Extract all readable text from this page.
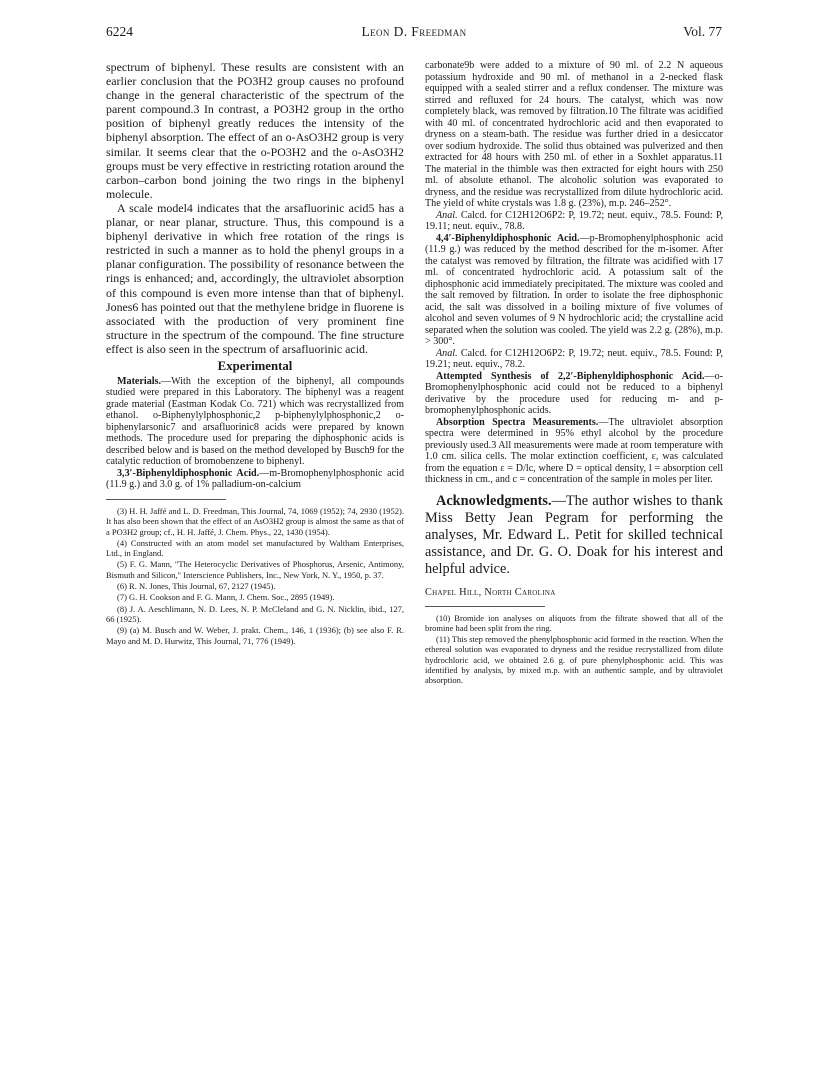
6224	Leon D. Freedman	Vol. 77

spectrum of biphenyl. These results are consistent with an earlier conclusion that the PO3H2 group causes no profound change in the general characteristic of the spectrum of the parent compound.3 In contrast, a PO3H2 group in the ortho position of biphenyl greatly reduces the intensity of the biphenyl absorption. The effect of an o-AsO3H2 group is very similar. It seems clear that the o-PO3H2 and the o-AsO3H2 groups must be very effective in restricting rotation around the carbon–carbon bond joining the two rings in the biphenyl molecule.

A scale model4 indicates that the arsafluorinic acid5 has a planar, or near planar, structure. Thus, this compound is a biphenyl derivative in which free rotation of the rings is restricted in such a manner as to hold the phenyl groups in a planar configuration. The possibility of resonance between the rings is enhanced; and, accordingly, the ultraviolet absorption of this compound is even more intense than that of biphenyl. Jones6 has pointed out that the methylene bridge in fluorene is associated with the production of very prominent fine structure in the spectrum of the compound. The fine structure effect is also seen in the spectrum of arsafluorinic acid.

Experimental

Materials.—With the exception of the biphenyl, all compounds studied were prepared in this Laboratory. The biphenyl was a reagent grade material (Eastman Kodak Co. 721) which was recrystallized from ethanol. o-Biphenylylphosphonic,2 p-biphenylylphosphonic,2 o-biphenylarsonic7 and arsafluorinic8 acids were prepared by known methods. The procedure used for preparing the diphosphonic acids is described below and is based on the method developed by Busch9 for the catalytic reduction of bromobenzene to biphenyl.

3,3′-Biphenyldiphosphonic Acid.—m-Bromophenylphosphonic acid (11.9 g.) and 3.0 g. of 1% palladium-on-calcium

(3) H. H. Jaffé and L. D. Freedman, This Journal, 74, 1069 (1952); 74, 2930 (1952). It has also been shown that the effect of an AsO3H2 group is almost the same as that of a PO3H2 group; cf., H. H. Jaffé, J. Chem. Phys., 22, 1430 (1954).

(4) Constructed with an atom model set manufactured by Waltham Enterprises, Ltd., in England.

(5) F. G. Mann, "The Heterocyclic Derivatives of Phosphorus, Arsenic, Antimony, Bismuth and Silicon," Interscience Publishers, Inc., New York, N. Y., 1950, p. 37.

(6) R. N. Jones, This Journal, 67, 2127 (1945).

(7) G. H. Cookson and F. G. Mann, J. Chem. Soc., 2895 (1949).

(8) J. A. Aeschlimann, N. D. Lees, N. P. McCleland and G. N. Nicklin, ibid., 127, 66 (1925).

(9) (a) M. Busch and W. Weber, J. prakt. Chem., 146, 1 (1936); (b) see also F. R. Mayo and M. D. Hurwitz, This Journal, 71, 776 (1949).

carbonate9b were added to a mixture of 90 ml. of 2.2 N aqueous potassium hydroxide and 90 ml. of methanol in a 2-necked flask equipped with a sealed stirrer and a reflux condenser. The mixture was stirred and refluxed for 24 hours. The catalyst, which was now completely black, was removed by filtration.10 The filtrate was acidified with 40 ml. of concentrated hydrochloric acid and then evaporated to dryness on a steam-bath. The residue was further dried in a desiccator over sodium hydroxide. The solid thus obtained was pulverized and then extracted for 48 hours with 250 ml. of ether in a Soxhlet apparatus.11 The material in the thimble was then extracted for eight hours with 250 ml. of absolute ethanol. The alcoholic solution was evaporated to dryness, and the residue was recrystallized from dilute hydrochloric acid. The yield of white crystals was 1.8 g. (23%), m.p. 246–252°.

Anal. Calcd. for C12H12O6P2: P, 19.72; neut. equiv., 78.5. Found: P, 19.11; neut. equiv., 78.8.

4,4′-Biphenyldiphosphonic Acid.—p-Bromophenylphosphonic acid (11.9 g.) was reduced by the method described for the m-isomer. After the catalyst was removed by filtration, the filtrate was acidified with 17 ml. of concentrated hydrochloric acid. A potassium salt of the diphosphonic acid immediately precipitated. The mixture was cooled and the salt removed by filtration. In order to isolate the free diphosphonic acid, the salt was dissolved in a boiling mixture of five volumes of alcohol and seven volumes of 9 N hydrochloric acid; the crystalline acid separated when the solution was cooled. The yield was 2.2 g. (28%), m.p. > 300°.

Anal. Calcd. for C12H12O6P2: P, 19.72; neut. equiv., 78.5. Found: P, 19.21; neut. equiv., 78.2.

Attempted Synthesis of 2,2′-Biphenyldiphosphonic Acid.—o-Bromophenylphosphonic acid could not be reduced to a biphenyl derivative by the procedure used for reducing m- and p-bromophenylphosphonic acids.

Absorption Spectra Measurements.—The ultraviolet absorption spectra were determined in 95% ethyl alcohol by the procedure previously used.3 All measurements were made at room temperature with 1.0 cm. silica cells. The molar extinction coefficient, ε, was calculated from the equation ε = D/lc, where D = optical density, l = absorption cell thickness in cm., and c = concentration of the sample in moles per liter.

Acknowledgments.—The author wishes to thank Miss Betty Jean Pegram for performing the analyses, Mr. Edward L. Petit for skilled technical assistance, and Dr. G. O. Doak for his interest and helpful advice.

Chapel Hill, North Carolina

(10) Bromide ion analyses on aliquots from the filtrate showed that all of the bromine had been split from the ring.

(11) This step removed the phenylphosphonic acid formed in the reaction. When the ethereal solution was evaporated to dryness and the residue recrystallized from dilute hydrochloric acid, we obtained 2.6 g. of pure phenylphosphonic acid. This was identified by analysis, by mixed m.p. with an authentic sample, and by ultraviolet absorption.
